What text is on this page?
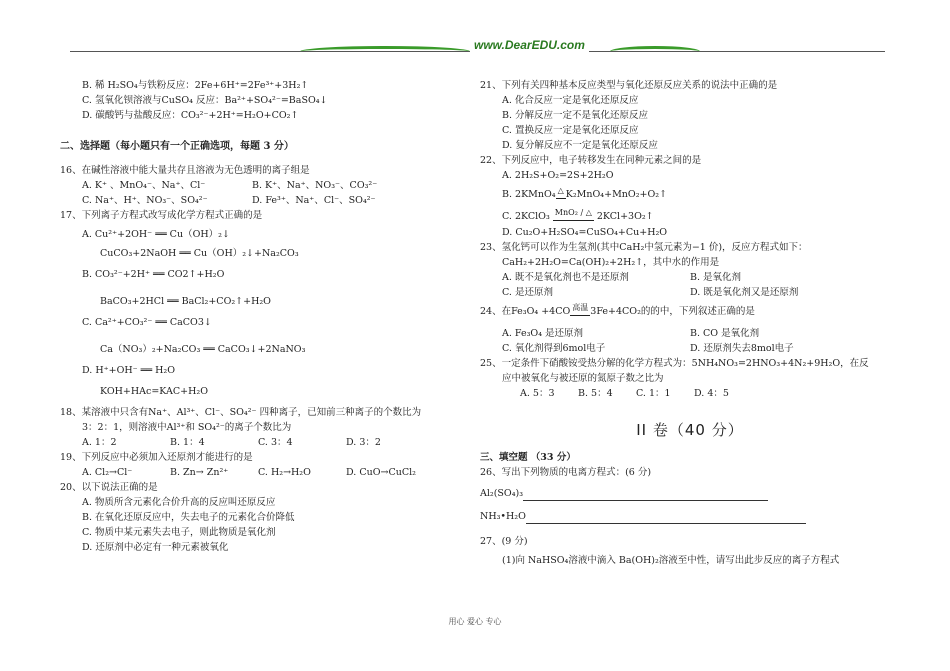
www.DearEDU.com
B. 稀 H₂SO₄与铁粉反应：2Fe+6H⁺=2Fe³⁺+3H₂↑
C. 氢氧化钡溶液与CuSO₄ 反应：Ba²⁺+SO₄²⁻=BaSO₄↓
D. 碳酸钙与盐酸反应：CO₃²⁻+2H⁺=H₂O+CO₂↑
二、选择题（每小题只有一个正确选项，每题 3 分）
16、在碱性溶液中能大量共存且溶液为无色透明的离子组是
A. K⁺ 、MnO₄⁻、Na⁺、Cl⁻	B. K⁺、Na⁺、NO₃⁻、CO₃²⁻
C. Na⁺、H⁺、NO₃⁻、SO₄²⁻	D. Fe³⁺、Na⁺、Cl⁻、SO₄²⁻
17、下列离子方程式改写成化学方程式正确的是
A. Cu²⁺+2OH⁻ ══ Cu（OH）₂↓
CuCO₃+2NaOH ══ Cu（OH）₂↓+Na₂CO₃
B. CO₃²⁻+2H⁺ ══ CO2↑+H₂O
BaCO₃+2HCl ══ BaCl₂+CO₂↑+H₂O
C. Ca²⁺+CO₃²⁻ ══ CaCO3↓
Ca（NO₃）₂+Na₂CO₃ ══ CaCO₃↓+2NaNO₃
D. H⁺+OH⁻ ══ H₂O
KOH+HAc=KAC+H₂O
18、某溶液中只含有Na⁺、Al³⁺、Cl⁻、SO₄²⁻ 四种离子，已知前三种离子的个数比为
3：2：1，则溶液中Al³⁺和 SO₄²⁻的离子个数比为
A. 1：2	B. 1：4	C. 3：4	D. 3：2
19、下列反应中必须加入还原剂才能进行的是
A. Cl₂→Cl⁻	B. Zn→ Zn²⁺	C. H₂→H₂O	D. CuO→CuCl₂
20、以下说法正确的是
A. 物质所含元素化合价升高的反应叫还原反应
B. 在氧化还原反应中，失去电子的元素化合价降低
C. 物质中某元素失去电子，则此物质是氧化剂
D. 还原剂中必定有一种元素被氧化
21、下列有关四种基本反应类型与氧化还原反应关系的说法中正确的是
A. 化合反应一定是氧化还原反应
B. 分解反应一定不是氧化还原反应
C. 置换反应一定是氧化还原反应
D. 复分解反应不一定是氧化还原反应
22、下列反应中，电子转移发生在同种元素之间的是
A. 2H₂S+O₂=2S+2H₂O
B. 2KMnO₄ △ K₂MnO₄+MnO₂+O₂↑
C. 2KClO₃ MnO₂ / △ 2KCl+3O₂↑
D. Cu₂O+H₂SO₄=CuSO₄+Cu+H₂O
23、氢化钙可以作为生氢剂(其中CaH₂中氢元素为−1 价)，反应方程式如下：
CaH₂+2H₂O=Ca(OH)₂+2H₂↑，其中水的作用是
A. 既不是氧化剂也不是还原剂	B. 是氧化剂
C. 是还原剂	D. 既是氧化剂又是还原剂
24、在Fe₃O₄ +4CO 高温 3Fe+4CO₂的的中，下列叙述正确的是
A. Fe₃O₄ 是还原剂	B. CO 是氧化剂
C. 氧化剂得到6mol电子	D. 还原剂失去8mol电子
25、一定条件下硝酸铵受热分解的化学方程式为：5NH₄NO₃=2HNO₃+4N₂+9H₂O，在反
应中被氧化与被还原的氮原子数之比为
A. 5：3 B. 5：4 C. 1：1 D. 4：5
II 卷（40 分）
三、填空题 （33 分）
26、写出下列物质的电离方程式：(6 分)
Al₂(SO₄)₃
NH₃•H₂O
27、(9 分)
(1)向 NaHSO₄溶液中滴入 Ba(OH)₂溶液至中性，请写出此步反应的离子方程式
用心 爱心 专心
